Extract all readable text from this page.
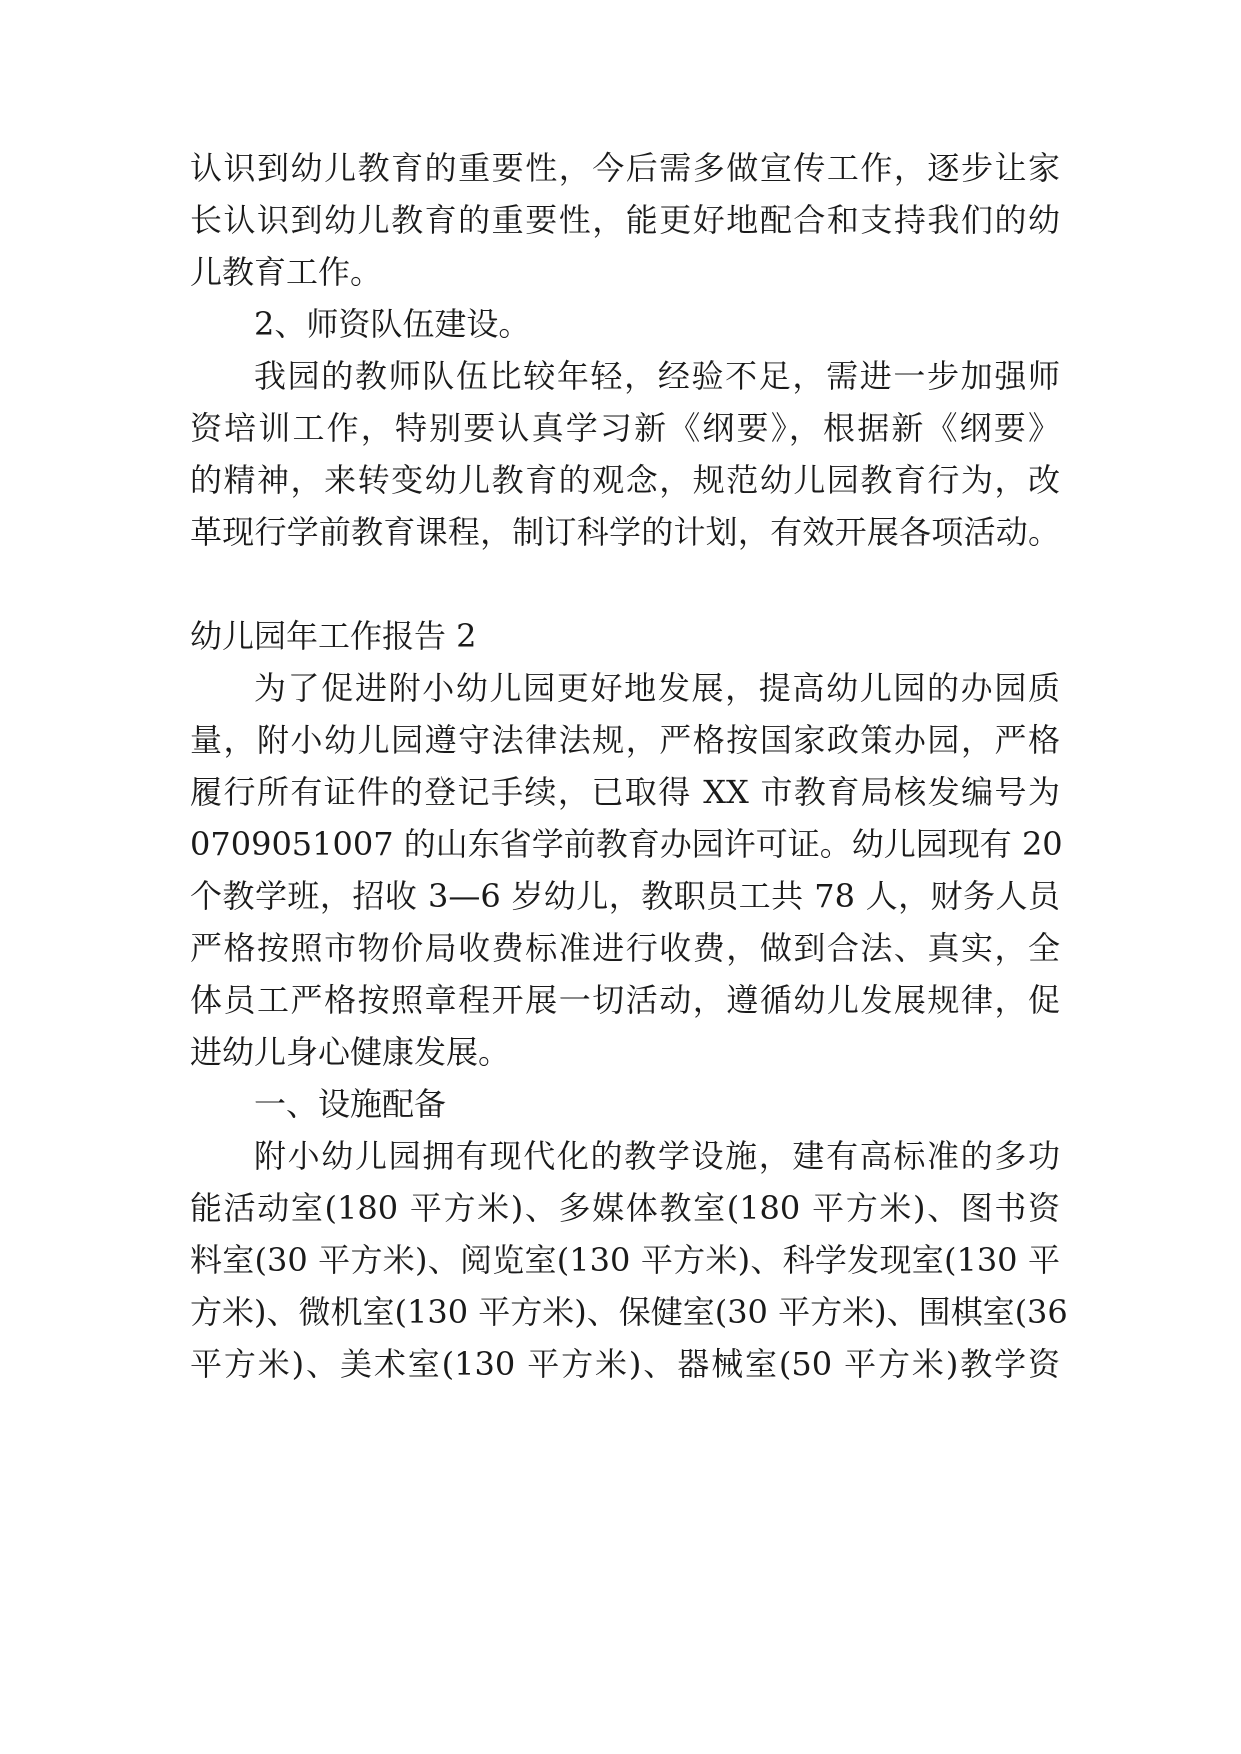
认识到幼儿教育的重要性，今后需多做宣传工作，逐步让家
长认识到幼儿教育的重要性，能更好地配合和支持我们的幼
儿教育工作。
2、师资队伍建设。
我园的教师队伍比较年轻，经验不足，需进一步加强师
资培训工作，特别要认真学习新《纲要》，根据新《纲要》
的精神，来转变幼儿教育的观念，规范幼儿园教育行为，改
革现行学前教育课程，制订科学的计划，有效开展各项活动。
幼儿园年工作报告 2
为了促进附小幼儿园更好地发展，提高幼儿园的办园质
量，附小幼儿园遵守法律法规，严格按国家政策办园，严格
履行所有证件的登记手续，已取得 XX 市教育局核发编号为
0709051007 的山东省学前教育办园许可证。幼儿园现有 20
个教学班，招收 3—6 岁幼儿，教职员工共 78 人，财务人员
严格按照市物价局收费标准进行收费，做到合法、真实，全
体员工严格按照章程开展一切活动，遵循幼儿发展规律，促
进幼儿身心健康发展。
一、设施配备
附小幼儿园拥有现代化的教学设施，建有高标准的多功
能活动室(180 平方米)、多媒体教室(180 平方米)、图书资
料室(30 平方米)、阅览室(130 平方米)、科学发现室(130 平
方米)、微机室(130 平方米)、保健室(30 平方米)、围棋室(36
平方米)、美术室(130 平方米)、器械室(50 平方米)教学资
